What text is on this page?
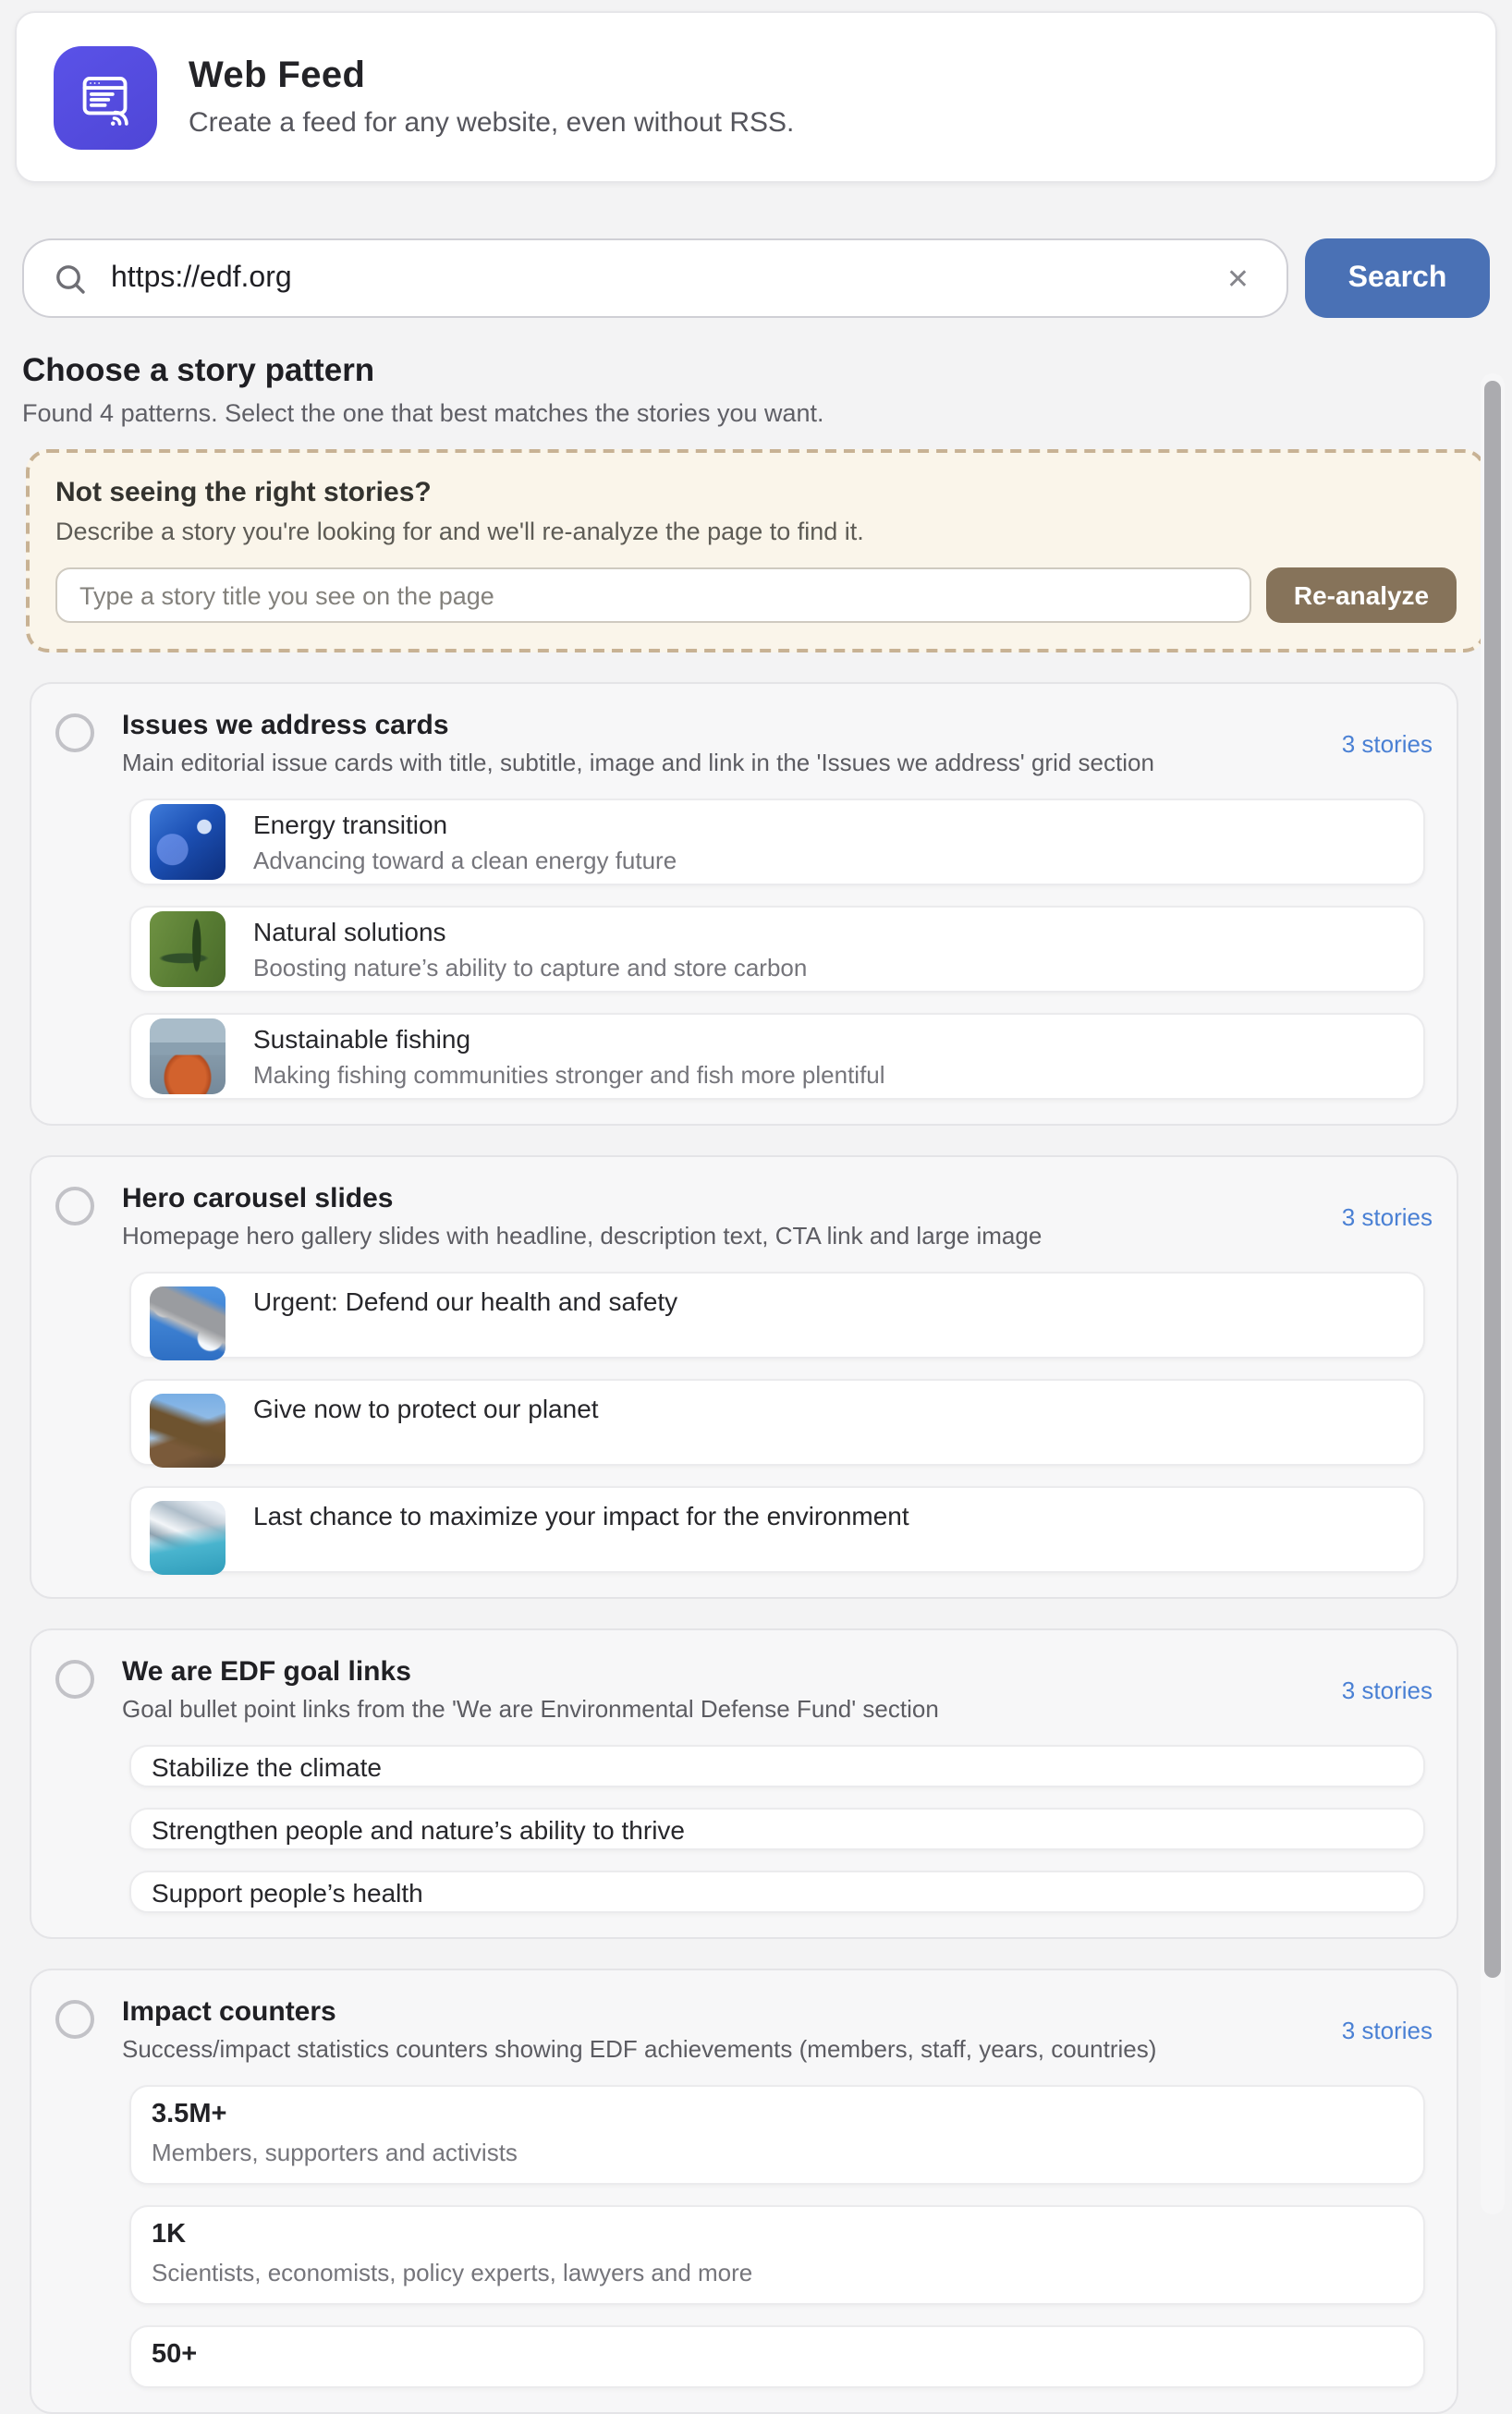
Web Feed
Create a feed for any website, even without RSS.
https://edf.org
✕	Search
Choose a story pattern
Found 4 patterns. Select the one that best matches the stories you want.
Not seeing the right stories?
Describe a story you're looking for and we'll re-analyze the page to find it.
Type a story title you see on the page
Re-analyze
Issues we address cards
Main editorial issue cards with title, subtitle, image and link in the 'Issues we address' grid section
3 stories
Energy transition
Advancing toward a clean energy future
Natural solutions
Boosting nature’s ability to capture and store carbon
Sustainable fishing
Making fishing communities stronger and fish more plentiful
Hero carousel slides
Homepage hero gallery slides with headline, description text, CTA link and large image
3 stories
Urgent: Defend our health and safety
Give now to protect our planet
Last chance to maximize your impact for the environment
We are EDF goal links
Goal bullet point links from the 'We are Environmental Defense Fund' section
3 stories
Stabilize the climate
Strengthen people and nature’s ability to thrive
Support people’s health
Impact counters
Success/impact statistics counters showing EDF achievements (members, staff, years, countries)
3 stories
3.5M+
Members, supporters and activists
1K
Scientists, economists, policy experts, lawyers and more
50+
